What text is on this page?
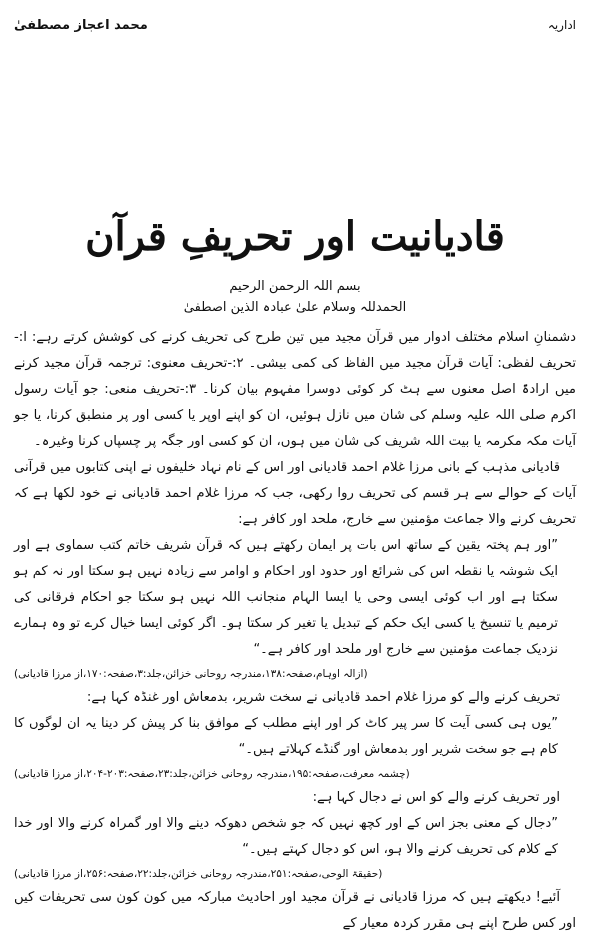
اداریہ
محمد اعجاز مصطفیٰ
قادیانیت اور تحریفِ قرآن
بسم اللہ الرحمن الرحیم
الحمدللہ وسلام علیٰ عبادہ الذین اصطفیٰ

دشمنانِ اسلام مختلف ادوار میں قرآن مجید میں تین طرح کی تحریف کرنے کی کوشش کرتے رہے: ا:-تحریف لفظی: آیات قرآن مجید میں الفاظ کی کمی بیشی۔ ۲:-تحریف معنوی: ترجمہ قرآن مجید کرنے میں ارادۃً اصل معنوں سے ہٹ کر کوئی دوسرا مفہوم بیان کرنا۔ ۳:-تحریف منعی: جو آیات رسول اکرم صلی اللہ علیہ وسلم کی شان میں نازل ہوئیں، ان کو اپنے اوپر یا کسی اور پر منطبق کرنا، یا جو آیات مکہ مکرمہ یا بیت اللہ شریف کی شان میں ہوں، ان کو کسی اور جگہ پر چسپاں کرنا وغیرہ۔

قادیانی مذہب کے بانی مرزا غلام احمد قادیانی اور اس کے نام نہاد خلیفوں نے اپنی کتابوں میں قرآنی آیات کے حوالے سے ہر قسم کی تحریف روا رکھی، جب کہ مرزا غلام احمد قادیانی نے خود لکھا ہے کہ تحریف کرنے والا جماعت مؤمنین سے خارج، ملحد اور کافر ہے:

”اور ہم پختہ یقین کے ساتھ اس بات پر ایمان رکھتے ہیں کہ قرآن شریف خاتم کتب سماوی ہے اور ایک شوشہ یا نقطہ اس کی شرائع اور حدود اور احکام و اوامر سے زیادہ نہیں ہو سکتا اور نہ کم ہو سکتا ہے اور اب کوئی ایسی وحی یا ایسا الہام منجانب اللہ نہیں ہو سکتا جو احکام فرقانی کی ترمیم یا تنسیخ یا کسی ایک حکم کے تبدیل یا تغیر کر سکتا ہو۔ اگر کوئی ایسا خیال کرے تو وہ ہمارے نزدیک جماعت مؤمنین سے خارج اور ملحد اور کافر ہے۔“

(ازالہ اوہام،صفحہ:۱۳۸،مندرجہ روحانی خزائن،جلد:۳،صفحہ:۱۷۰،از مرزا قادیانی)

تحریف کرنے والے کو مرزا غلام احمد قادیانی نے سخت شریر، بدمعاش اور غنڈہ کہا ہے:

”یوں ہی کسی آیت کا سر پیر کاٹ کر اور اپنے مطلب کے موافق بنا کر پیش کر دینا یہ ان لوگوں کا کام ہے جو سخت شریر اور بدمعاش اور گنڈے کہلاتے ہیں۔“

(چشمہ معرفت،صفحہ:۱۹۵،مندرجہ روحانی خزائن،جلد:۲۳،صفحہ:۲۰۳-۲۰۴،از مرزا قادیانی)

اور تحریف کرنے والے کو اس نے دجال کہا ہے:

”دجال کے معنی بجز اس کے اور کچھ نہیں کہ جو شخص دھوکہ دینے والا اور گمراہ کرنے والا اور خدا کے کلام کی تحریف کرنے والا ہو، اس کو دجال کہتے ہیں۔“

(حقیقۃ الوحی،صفحہ:۲۵۱،مندرجہ روحانی خزائن،جلد:۲۲،صفحہ:۲۵۶،از مرزا قادیانی)

آئیے! دیکھتے ہیں کہ مرزا قادیانی نے قرآن مجید اور احادیث مبارکہ میں کون کون سی تحریفات کیں اور کس طرح اپنے ہی مقرر کردہ معیار کے
